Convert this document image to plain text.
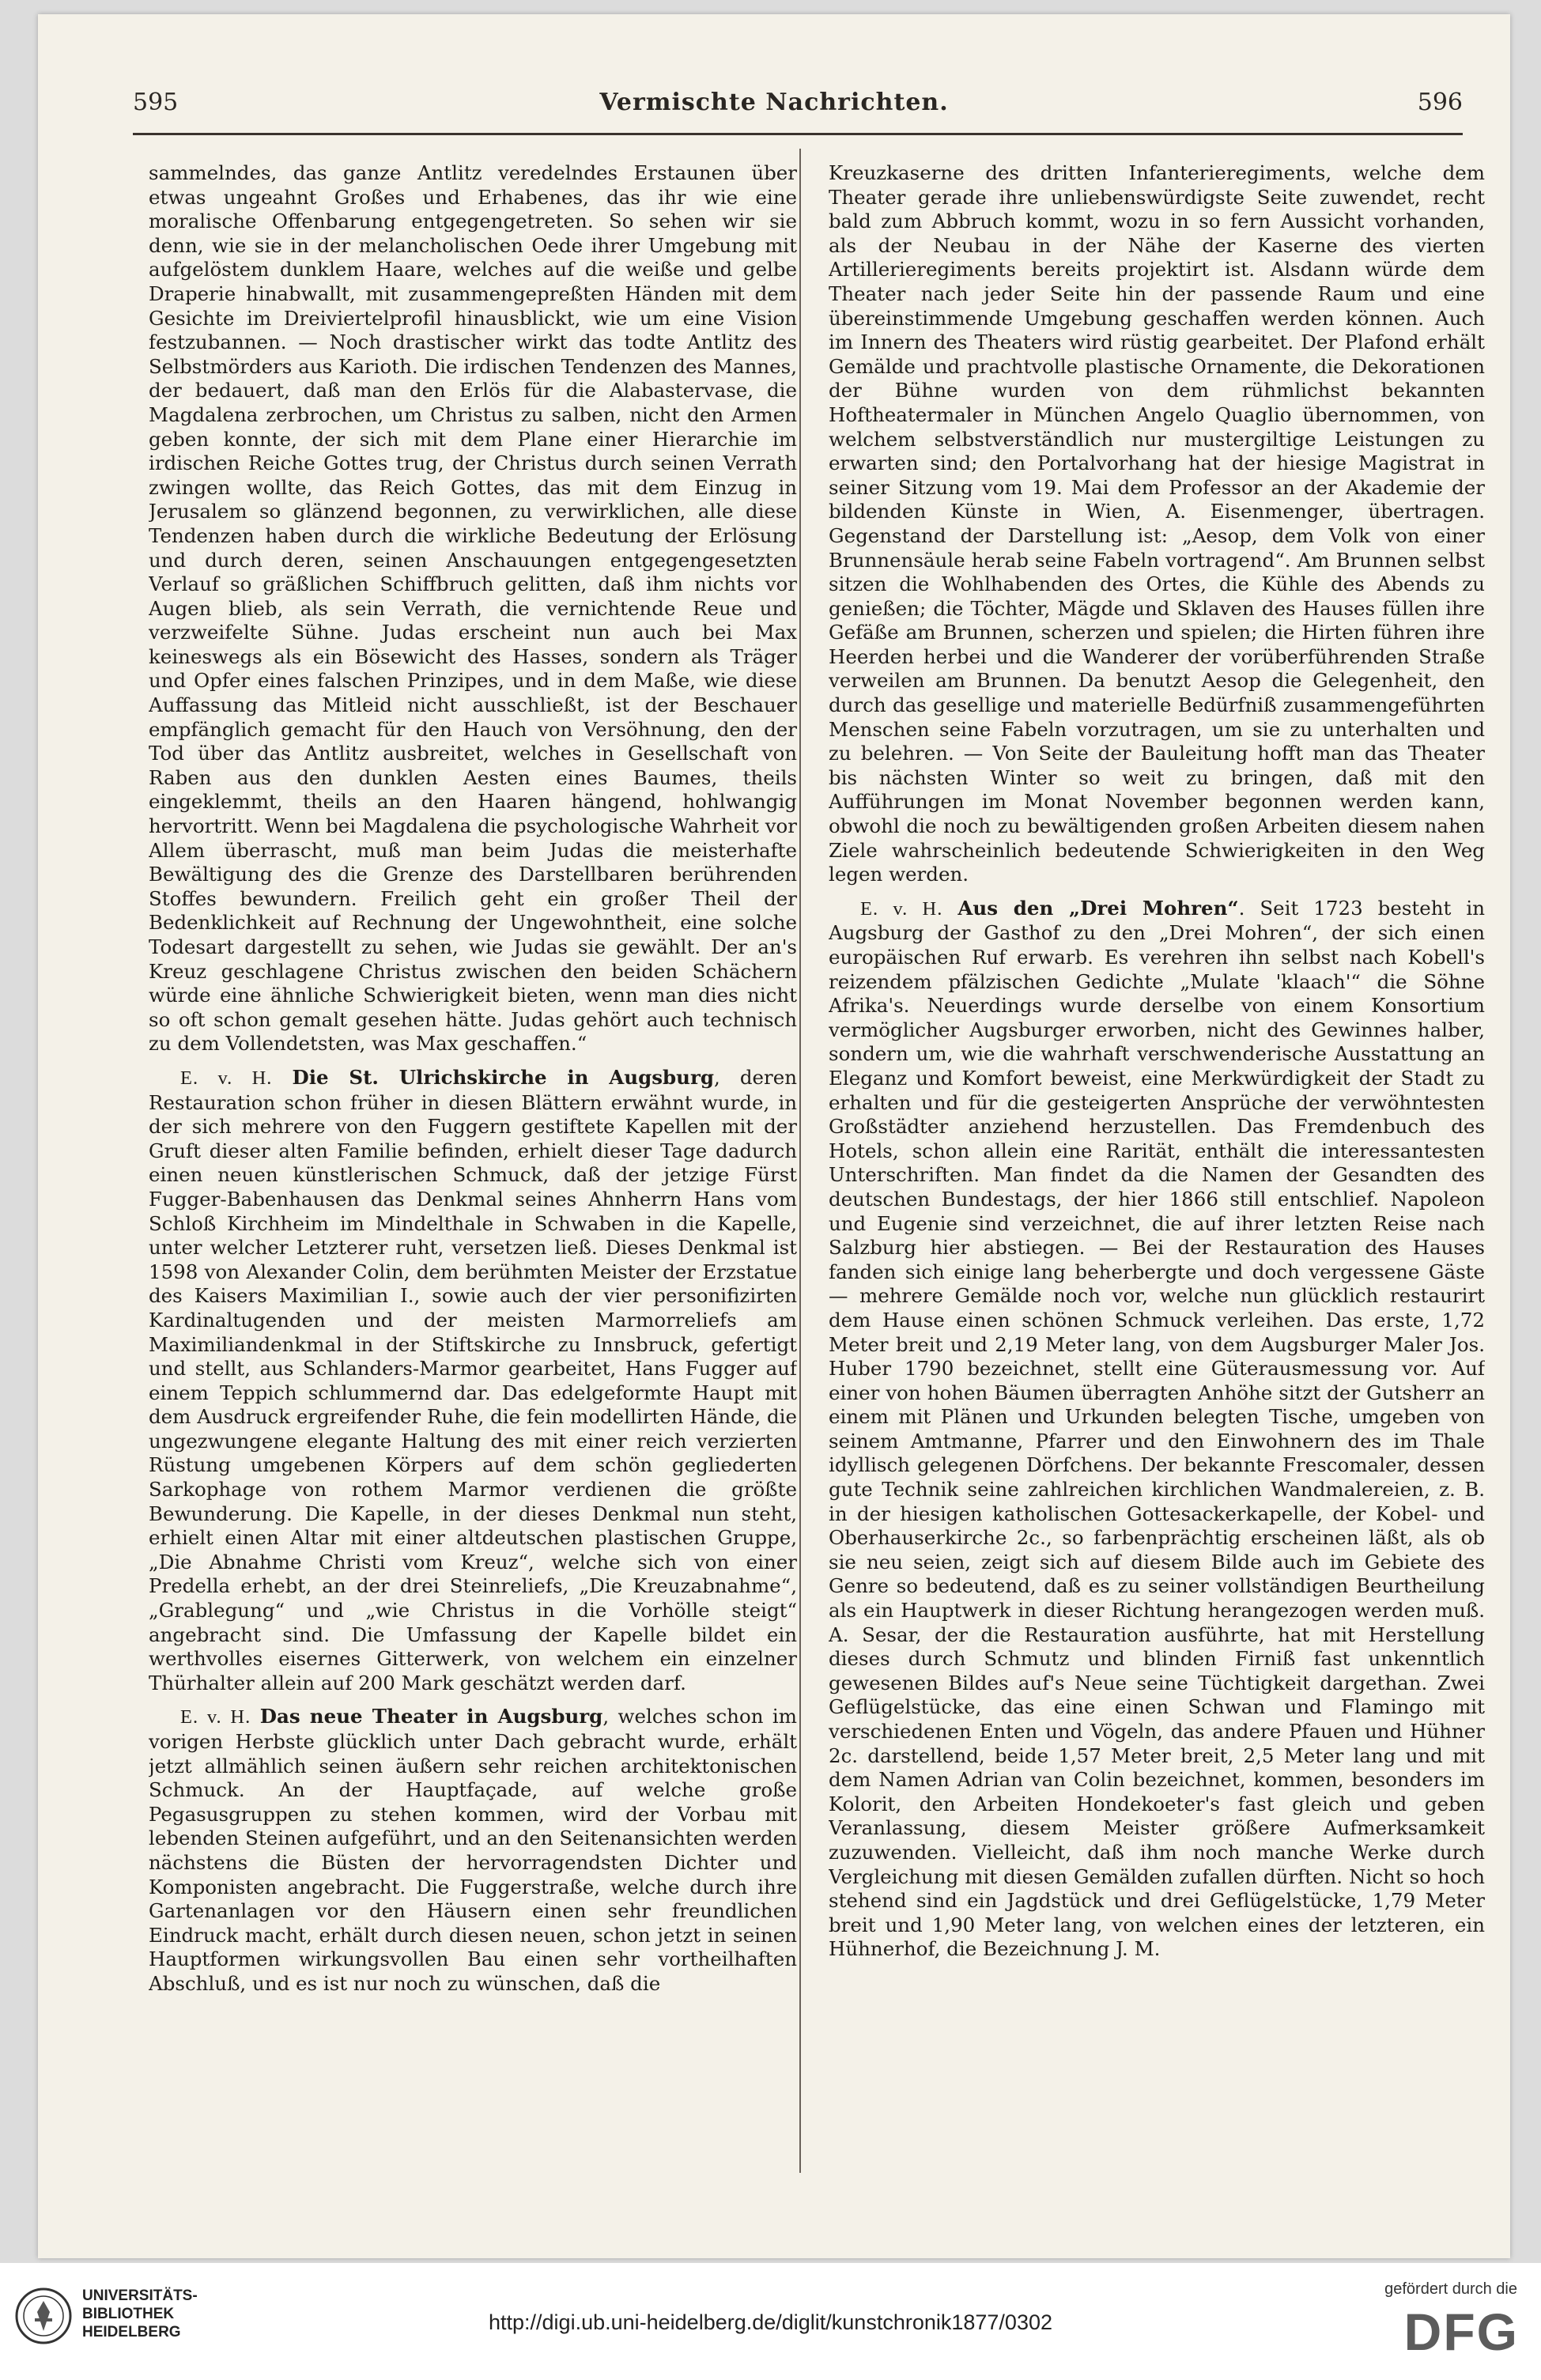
595	Vermischte Nachrichten.	596

sammelndes, das ganze Antlitz veredelndes Erstaunen über etwas ungeahnt Großes und Erhabenes, das ihr wie eine moralische Offenbarung entgegengetreten. So sehen wir sie denn, wie sie in der melancholischen Oede ihrer Umgebung mit aufgelöstem dunklem Haare, welches auf die weiße und gelbe Draperie hinabwallt, mit zusammengepreßten Händen mit dem Gesichte im Dreiviertelprofil hinausblickt, wie um eine Vision festzubannen. — Noch drastischer wirkt das todte Antlitz des Selbstmörders aus Karioth. Die irdischen Tendenzen des Mannes, der bedauert, daß man den Erlös für die Alabastervase, die Magdalena zerbrochen, um Christus zu salben, nicht den Armen geben konnte, der sich mit dem Plane einer Hierarchie im irdischen Reiche Gottes trug, der Christus durch seinen Verrath zwingen wollte, das Reich Gottes, das mit dem Einzug in Jerusalem so glänzend begonnen, zu verwirklichen, alle diese Tendenzen haben durch die wirkliche Bedeutung der Erlösung und durch deren, seinen Anschauungen entgegengesetzten Verlauf so gräßlichen Schiffbruch gelitten, daß ihm nichts vor Augen blieb, als sein Verrath, die vernichtende Reue und verzweifelte Sühne. Judas erscheint nun auch bei Max keineswegs als ein Bösewicht des Hasses, sondern als Träger und Opfer eines falschen Prinzipes, und in dem Maße, wie diese Auffassung das Mitleid nicht ausschließt, ist der Beschauer empfänglich gemacht für den Hauch von Versöhnung, den der Tod über das Antlitz ausbreitet, welches in Gesellschaft von Raben aus den dunklen Aesten eines Baumes, theils eingeklemmt, theils an den Haaren hängend, hohlwangig hervortritt. Wenn bei Magdalena die psychologische Wahrheit vor Allem überrascht, muß man beim Judas die meisterhafte Bewältigung des die Grenze des Darstellbaren berührenden Stoffes bewundern. Freilich geht ein großer Theil der Bedenklichkeit auf Rechnung der Ungewohntheit, eine solche Todesart dargestellt zu sehen, wie Judas sie gewählt. Der an's Kreuz geschlagene Christus zwischen den beiden Schächern würde eine ähnliche Schwierigkeit bieten, wenn man dies nicht so oft schon gemalt gesehen hätte. Judas gehört auch technisch zu dem Vollendetsten, was Max geschaffen.“

E. v. H. Die St. Ulrichskirche in Augsburg, deren Restauration schon früher in diesen Blättern erwähnt wurde, in der sich mehrere von den Fuggern gestiftete Kapellen mit der Gruft dieser alten Familie befinden, erhielt dieser Tage dadurch einen neuen künstlerischen Schmuck, daß der jetzige Fürst Fugger-Babenhausen das Denkmal seines Ahnherrn Hans vom Schloß Kirchheim im Mindelthale in Schwaben in die Kapelle, unter welcher Letzterer ruht, versetzen ließ. Dieses Denkmal ist 1598 von Alexander Colin, dem berühmten Meister der Erzstatue des Kaisers Maximilian I., sowie auch der vier personifizirten Kardinaltugenden und der meisten Marmorreliefs am Maximiliandenkmal in der Stiftskirche zu Innsbruck, gefertigt und stellt, aus Schlanders-Marmor gearbeitet, Hans Fugger auf einem Teppich schlummernd dar. Das edelgeformte Haupt mit dem Ausdruck ergreifender Ruhe, die fein modellirten Hände, die ungezwungene elegante Haltung des mit einer reich verzierten Rüstung umgebenen Körpers auf dem schön gegliederten Sarkophage von rothem Marmor verdienen die größte Bewunderung. Die Kapelle, in der dieses Denkmal nun steht, erhielt einen Altar mit einer altdeutschen plastischen Gruppe, „Die Abnahme Christi vom Kreuz“, welche sich von einer Predella erhebt, an der drei Steinreliefs, „Die Kreuzabnahme“, „Grablegung“ und „wie Christus in die Vorhölle steigt“ angebracht sind. Die Umfassung der Kapelle bildet ein werthvolles eisernes Gitterwerk, von welchem ein einzelner Thürhalter allein auf 200 Mark geschätzt werden darf.

E. v. H. Das neue Theater in Augsburg, welches schon im vorigen Herbste glücklich unter Dach gebracht wurde, erhält jetzt allmählich seinen äußern sehr reichen architektonischen Schmuck. An der Hauptfaçade, auf welche große Pegasusgruppen zu stehen kommen, wird der Vorbau mit lebenden Steinen aufgeführt, und an den Seitenansichten werden nächstens die Büsten der hervorragendsten Dichter und Komponisten angebracht. Die Fuggerstraße, welche durch ihre Gartenanlagen vor den Häusern einen sehr freundlichen Eindruck macht, erhält durch diesen neuen, schon jetzt in seinen Hauptformen wirkungsvollen Bau einen sehr vortheilhaften Abschluß, und es ist nur noch zu wünschen, daß die

Kreuzkaserne des dritten Infanterieregiments, welche dem Theater gerade ihre unliebenswürdigste Seite zuwendet, recht bald zum Abbruch kommt, wozu in so fern Aussicht vorhanden, als der Neubau in der Nähe der Kaserne des vierten Artillerieregiments bereits projektirt ist. Alsdann würde dem Theater nach jeder Seite hin der passende Raum und eine übereinstimmende Umgebung geschaffen werden können. Auch im Innern des Theaters wird rüstig gearbeitet. Der Plafond erhält Gemälde und prachtvolle plastische Ornamente, die Dekorationen der Bühne wurden von dem rühmlichst bekannten Hoftheatermaler in München Angelo Quaglio übernommen, von welchem selbstverständlich nur mustergiltige Leistungen zu erwarten sind; den Portalvorhang hat der hiesige Magistrat in seiner Sitzung vom 19. Mai dem Professor an der Akademie der bildenden Künste in Wien, A. Eisenmenger, übertragen. Gegenstand der Darstellung ist: „Aesop, dem Volk von einer Brunnensäule herab seine Fabeln vortragend“. Am Brunnen selbst sitzen die Wohlhabenden des Ortes, die Kühle des Abends zu genießen; die Töchter, Mägde und Sklaven des Hauses füllen ihre Gefäße am Brunnen, scherzen und spielen; die Hirten führen ihre Heerden herbei und die Wanderer der vorüberführenden Straße verweilen am Brunnen. Da benutzt Aesop die Gelegenheit, den durch das gesellige und materielle Bedürfniß zusammengeführten Menschen seine Fabeln vorzutragen, um sie zu unterhalten und zu belehren. — Von Seite der Bauleitung hofft man das Theater bis nächsten Winter so weit zu bringen, daß mit den Aufführungen im Monat November begonnen werden kann, obwohl die noch zu bewältigenden großen Arbeiten diesem nahen Ziele wahrscheinlich bedeutende Schwierigkeiten in den Weg legen werden.

E. v. H. Aus den „Drei Mohren“. Seit 1723 besteht in Augsburg der Gasthof zu den „Drei Mohren“, der sich einen europäischen Ruf erwarb. Es verehren ihn selbst nach Kobell's reizendem pfälzischen Gedichte „Mulate 'klaach'“ die Söhne Afrika's. Neuerdings wurde derselbe von einem Konsortium vermöglicher Augsburger erworben, nicht des Gewinnes halber, sondern um, wie die wahrhaft verschwenderische Ausstattung an Eleganz und Komfort beweist, eine Merkwürdigkeit der Stadt zu erhalten und für die gesteigerten Ansprüche der verwöhntesten Großstädter anziehend herzustellen. Das Fremdenbuch des Hotels, schon allein eine Rarität, enthält die interessantesten Unterschriften. Man findet da die Namen der Gesandten des deutschen Bundestags, der hier 1866 still entschlief. Napoleon und Eugenie sind verzeichnet, die auf ihrer letzten Reise nach Salzburg hier abstiegen. — Bei der Restauration des Hauses fanden sich einige lang beherbergte und doch vergessene Gäste — mehrere Gemälde noch vor, welche nun glücklich restaurirt dem Hause einen schönen Schmuck verleihen. Das erste, 1,72 Meter breit und 2,19 Meter lang, von dem Augsburger Maler Jos. Huber 1790 bezeichnet, stellt eine Güterausmessung vor. Auf einer von hohen Bäumen überragten Anhöhe sitzt der Gutsherr an einem mit Plänen und Urkunden belegten Tische, umgeben von seinem Amtmanne, Pfarrer und den Einwohnern des im Thale idyllisch gelegenen Dörfchens. Der bekannte Frescomaler, dessen gute Technik seine zahlreichen kirchlichen Wandmalereien, z. B. in der hiesigen katholischen Gottesackerkapelle, der Kobel- und Oberhauserkirche 2c., so farbenprächtig erscheinen läßt, als ob sie neu seien, zeigt sich auf diesem Bilde auch im Gebiete des Genre so bedeutend, daß es zu seiner vollständigen Beurtheilung als ein Hauptwerk in dieser Richtung herangezogen werden muß. A. Sesar, der die Restauration ausführte, hat mit Herstellung dieses durch Schmutz und blinden Firniß fast unkenntlich gewesenen Bildes auf's Neue seine Tüchtigkeit dargethan. Zwei Geflügelstücke, das eine einen Schwan und Flamingo mit verschiedenen Enten und Vögeln, das andere Pfauen und Hühner 2c. darstellend, beide 1,57 Meter breit, 2,5 Meter lang und mit dem Namen Adrian van Colin bezeichnet, kommen, besonders im Kolorit, den Arbeiten Hondekoeter's fast gleich und geben Veranlassung, diesem Meister größere Aufmerksamkeit zuzuwenden. Vielleicht, daß ihm noch manche Werke durch Vergleichung mit diesen Gemälden zufallen dürften. Nicht so hoch stehend sind ein Jagdstück und drei Geflügelstücke, 1,79 Meter breit und 1,90 Meter lang, von welchen eines der letzteren, ein Hühnerhof, die Bezeichnung J. M.

UNIVERSITÄTS-
BIBLIOTHEK
HEIDELBERG	http://digi.ub.uni-heidelberg.de/diglit/kunstchronik1877/0302
gefördert durch die
DFG
